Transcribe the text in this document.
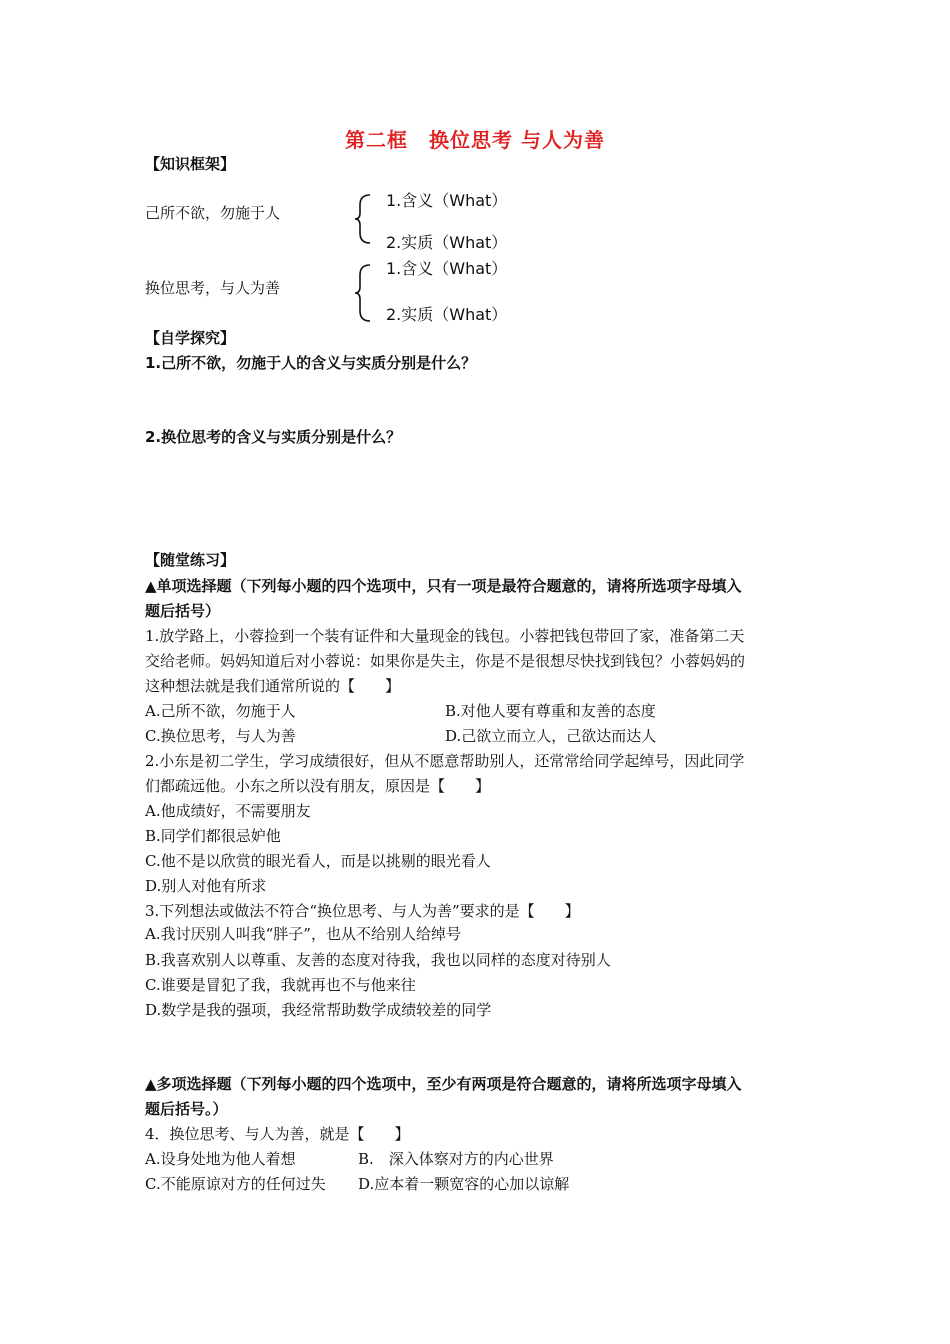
第二框　换位思考 与人为善
【知识框架】
己所不欲，勿施于人
1.含义（What）
2.实质（What）
换位思考，与人为善
1.含义（What）
2.实质（What）
【自学探究】
1.己所不欲，勿施于人的含义与实质分别是什么？
2.换位思考的含义与实质分别是什么？
【随堂练习】
▲单项选择题（下列每小题的四个选项中，只有一项是最符合题意的，请将所选项字母填入
题后括号）
1.放学路上，小蓉捡到一个装有证件和大量现金的钱包。小蓉把钱包带回了家，准备第二天
交给老师。妈妈知道后对小蓉说：如果你是失主，你是不是很想尽快找到钱包？小蓉妈妈的
这种想法就是我们通常所说的【　　】
A.己所不欲，勿施于人	B.对他人要有尊重和友善的态度
C.换位思考，与人为善	D.己欲立而立人，己欲达而达人
2.小东是初二学生，学习成绩很好，但从不愿意帮助别人，还常常给同学起绰号，因此同学
们都疏远他。小东之所以没有朋友，原因是【　　】
A.他成绩好，不需要朋友
B.同学们都很忌妒他
C.他不是以欣赏的眼光看人，而是以挑剔的眼光看人
D.别人对他有所求
3.下列想法或做法不符合“换位思考、与人为善”要求的是【　　】
A.我讨厌别人叫我“胖子”，也从不给别人给绰号
B.我喜欢别人以尊重、友善的态度对待我，我也以同样的态度对待别人
C.谁要是冒犯了我，我就再也不与他来往
D.数学是我的强项，我经常帮助数学成绩较差的同学
▲多项选择题（下列每小题的四个选项中，至少有两项是符合题意的，请将所选项字母填入
题后括号。）
4．换位思考、与人为善，就是【　　】
A.设身处地为他人着想	B.　深入体察对方的内心世界
C.不能原谅对方的任何过失 D.应本着一颗宽容的心加以谅解
